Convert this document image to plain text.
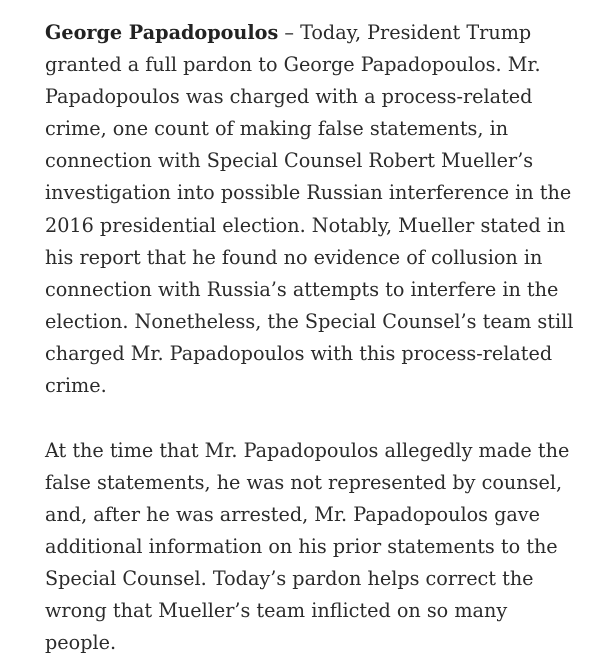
George Papadopoulos – Today, President Trump
granted a full pardon to George Papadopoulos. Mr.
Papadopoulos was charged with a process-related
crime, one count of making false statements, in
connection with Special Counsel Robert Mueller’s
investigation into possible Russian interference in the
2016 presidential election. Notably, Mueller stated in
his report that he found no evidence of collusion in
connection with Russia’s attempts to interfere in the
election. Nonetheless, the Special Counsel’s team still
charged Mr. Papadopoulos with this process-related
crime.

At the time that Mr. Papadopoulos allegedly made the
false statements, he was not represented by counsel,
and, after he was arrested, Mr. Papadopoulos gave
additional information on his prior statements to the
Special Counsel. Today’s pardon helps correct the
wrong that Mueller’s team inflicted on so many
people.
